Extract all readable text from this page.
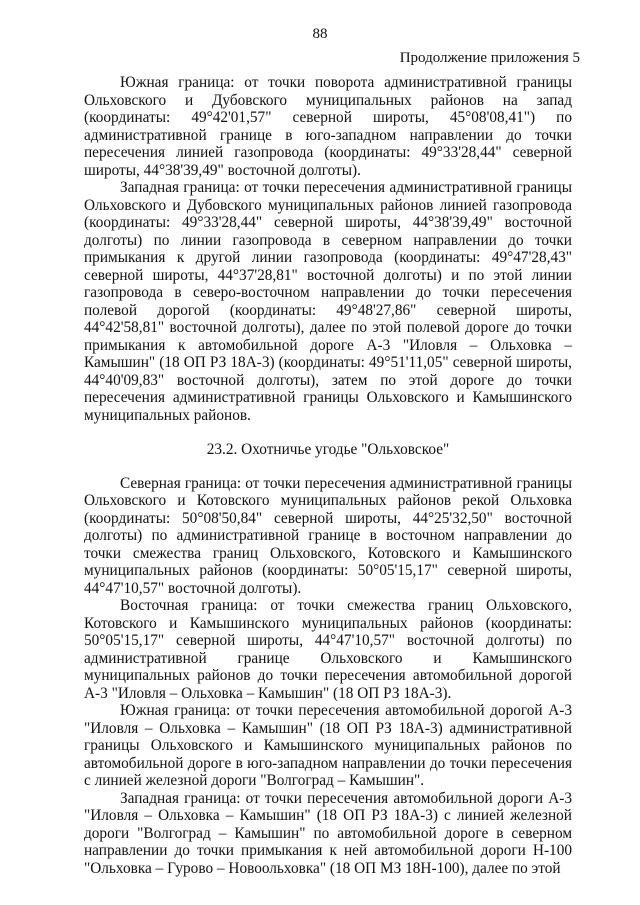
88
Продолжение приложения 5

Южная граница: от точки поворота административной границы Ольховского и Дубовского муниципальных районов на запад (координаты: 49°42'01,57" северной широты, 45°08'08,41") по административной границе в юго-западном направлении до точки пересечения линией газопровода (координаты: 49°33'28,44" северной широты, 44°38'39,49" восточной долготы).

Западная граница: от точки пересечения административной границы Ольховского и Дубовского муниципальных районов линией газопровода (координаты: 49°33'28,44" северной широты, 44°38'39,49" восточной долготы) по линии газопровода в северном направлении до точки примыкания к другой линии газопровода (координаты: 49°47'28,43" северной широты, 44°37'28,81" восточной долготы) и по этой линии газопровода в северо-восточном направлении до точки пересечения полевой дорогой (координаты: 49°48'27,86" северной широты, 44°42'58,81" восточной долготы), далее по этой полевой дороге до точки примыкания к автомобильной дороге А-3 "Иловля – Ольховка – Камышин" (18 ОП РЗ 18А-3) (координаты: 49°51'11,05" северной широты, 44°40'09,83" восточной долготы), затем по этой дороге до точки пересечения административной границы Ольховского и Камышинского муниципальных районов.

23.2. Охотничье угодье "Ольховское"

Северная граница: от точки пересечения административной границы Ольховского и Котовского муниципальных районов рекой Ольховка (координаты: 50°08'50,84" северной широты, 44°25'32,50" восточной долготы) по административной границе в восточном направлении до точки смежества границ Ольховского, Котовского и Камышинского муниципальных районов (координаты: 50°05'15,17" северной широты, 44°47'10,57" восточной долготы).

Восточная граница: от точки смежества границ Ольховского, Котовского и Камышинского муниципальных районов (координаты: 50°05'15,17" северной широты, 44°47'10,57" восточной долготы) по административной границе Ольховского и Камышинского муниципальных районов до точки пересечения автомобильной дорогой А-3 "Иловля – Ольховка – Камышин" (18 ОП РЗ 18А-3).

Южная граница: от точки пересечения автомобильной дорогой А-3 "Иловля – Ольховка – Камышин" (18 ОП РЗ 18А-3) административной границы Ольховского и Камышинского муниципальных районов по автомобильной дороге в юго-западном направлении до точки пересечения с линией железной дороги "Волгоград – Камышин".

Западная граница: от точки пересечения автомобильной дороги А-3 "Иловля – Ольховка – Камышин" (18 ОП РЗ 18А-3) с линией железной дороги "Волгоград – Камышин" по автомобильной дороге в северном направлении до точки примыкания к ней автомобильной дороги Н-100 "Ольховка – Гурово – Новоольховка" (18 ОП МЗ 18Н-100), далее по этой
